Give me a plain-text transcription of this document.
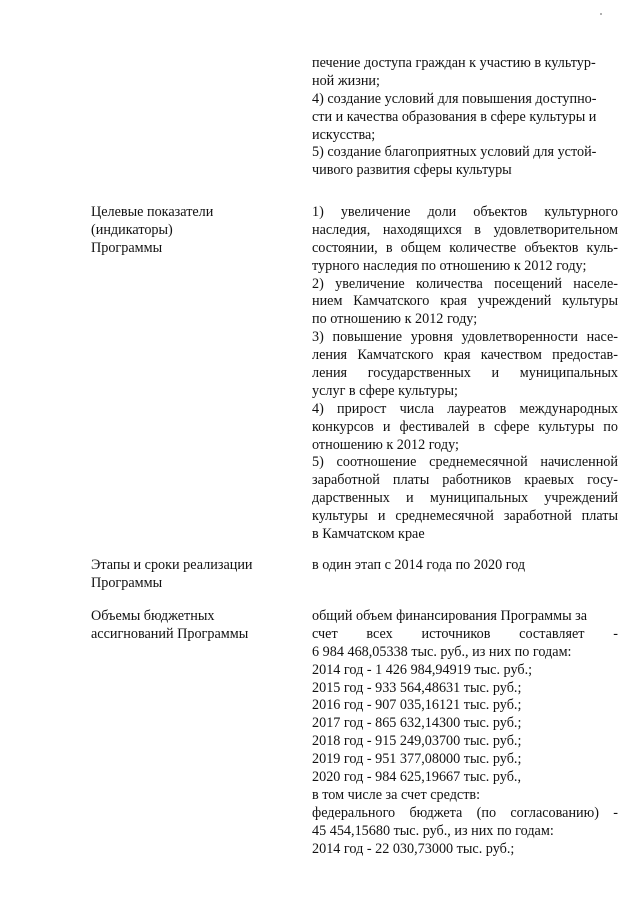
печение доступа граждан к участию в культур-
ной жизни;
4) создание условий для повышения доступно-
сти и качества образования в сфере культуры и
искусства;
5) создание благоприятных условий для устой-
чивого развития сферы культуры
Целевые показатели
(индикаторы)
Программы
1) увеличение доли объектов культурного
наследия, находящихся в удовлетворительном
состоянии, в общем количестве объектов куль-
турного наследия по отношению к 2012 году;
2) увеличение количества посещений населе-
нием Камчатского края учреждений культуры
по отношению к 2012 году;
3) повышение уровня удовлетворенности насе-
ления Камчатского края качеством предостав-
ления государственных и муниципальных
услуг в сфере культуры;
4) прирост числа лауреатов международных
конкурсов и фестивалей в сфере культуры по
отношению к 2012 году;
5) соотношение среднемесячной начисленной
заработной платы работников краевых госу-
дарственных и муниципальных учреждений
культуры и среднемесячной заработной платы
в Камчатском крае
Этапы и сроки реализации
Программы
в один этап с 2014 года по 2020 год
Объемы бюджетных
ассигнований Программы
общий объем финансирования Программы за
счет всех источников составляет -
6 984 468,05338 тыс. руб., из них по годам:
2014 год - 1 426 984,94919 тыс. руб.;
2015 год - 933 564,48631 тыс. руб.;
2016 год - 907 035,16121 тыс. руб.;
2017 год - 865 632,14300 тыс. руб.;
2018 год - 915 249,03700 тыс. руб.;
2019 год - 951 377,08000 тыс. руб.;
2020 год - 984 625,19667 тыс. руб.,
в том числе за счет средств:
федерального бюджета (по согласованию) -
45 454,15680 тыс. руб., из них по годам:
2014 год - 22 030,73000 тыс. руб.;
